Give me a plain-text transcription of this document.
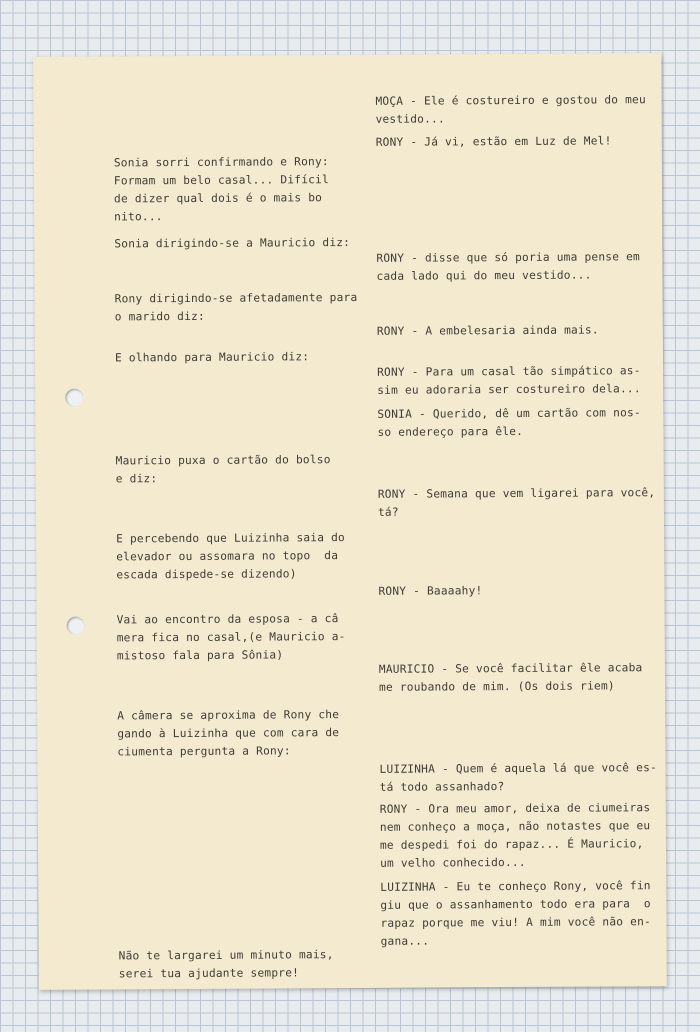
Sonia sorri confirmando e Rony:
Formam um belo casal... Difícil
de dizer qual dois é o mais bo
nito...
Sonia dirigindo-se a Mauricio diz:
Rony dirigindo-se afetadamente para
o marido diz:
E olhando para Mauricio diz:
Mauricio puxa o cartão do bolso
e diz:
E percebendo que Luizinha saia do
elevador ou assomara no topo  da
escada dispede-se dizendo)
Vai ao encontro da esposa - a câ
mera fica no casal,(e Mauricio a-
mistoso fala para Sônia)
A câmera se aproxima de Rony che
gando à Luizinha que com cara de
ciumenta pergunta a Rony:
Não te largarei um minuto mais,
serei tua ajudante sempre!
MOÇA - Ele é costureiro e gostou do meu
vestido...
RONY - Já vi, estão em Luz de Mel!
RONY - disse que só poria uma pense em
cada lado qui do meu vestido...
RONY - A embelesaria ainda mais.
RONY - Para um casal tão simpático as-
sim eu adoraria ser costureiro dela...
SONIA - Querido, dê um cartão com nos-
so endereço para êle.
RONY - Semana que vem ligarei para você,
tá?
RONY - Baaaahy!
MAURICIO - Se você facilitar êle acaba
me roubando de mim. (Os dois riem)
LUIZINHA - Quem é aquela lá que você es-
tá todo assanhado?
RONY - Ora meu amor, deixa de ciumeiras
nem conheço a moça, não notastes que eu
me despedi foi do rapaz... É Mauricio,
um velho conhecido...
LUIZINHA - Eu te conheço Rony, você fin
giu que o assanhamento todo era para  o
rapaz porque me viu! A mim você não en-
gana...
